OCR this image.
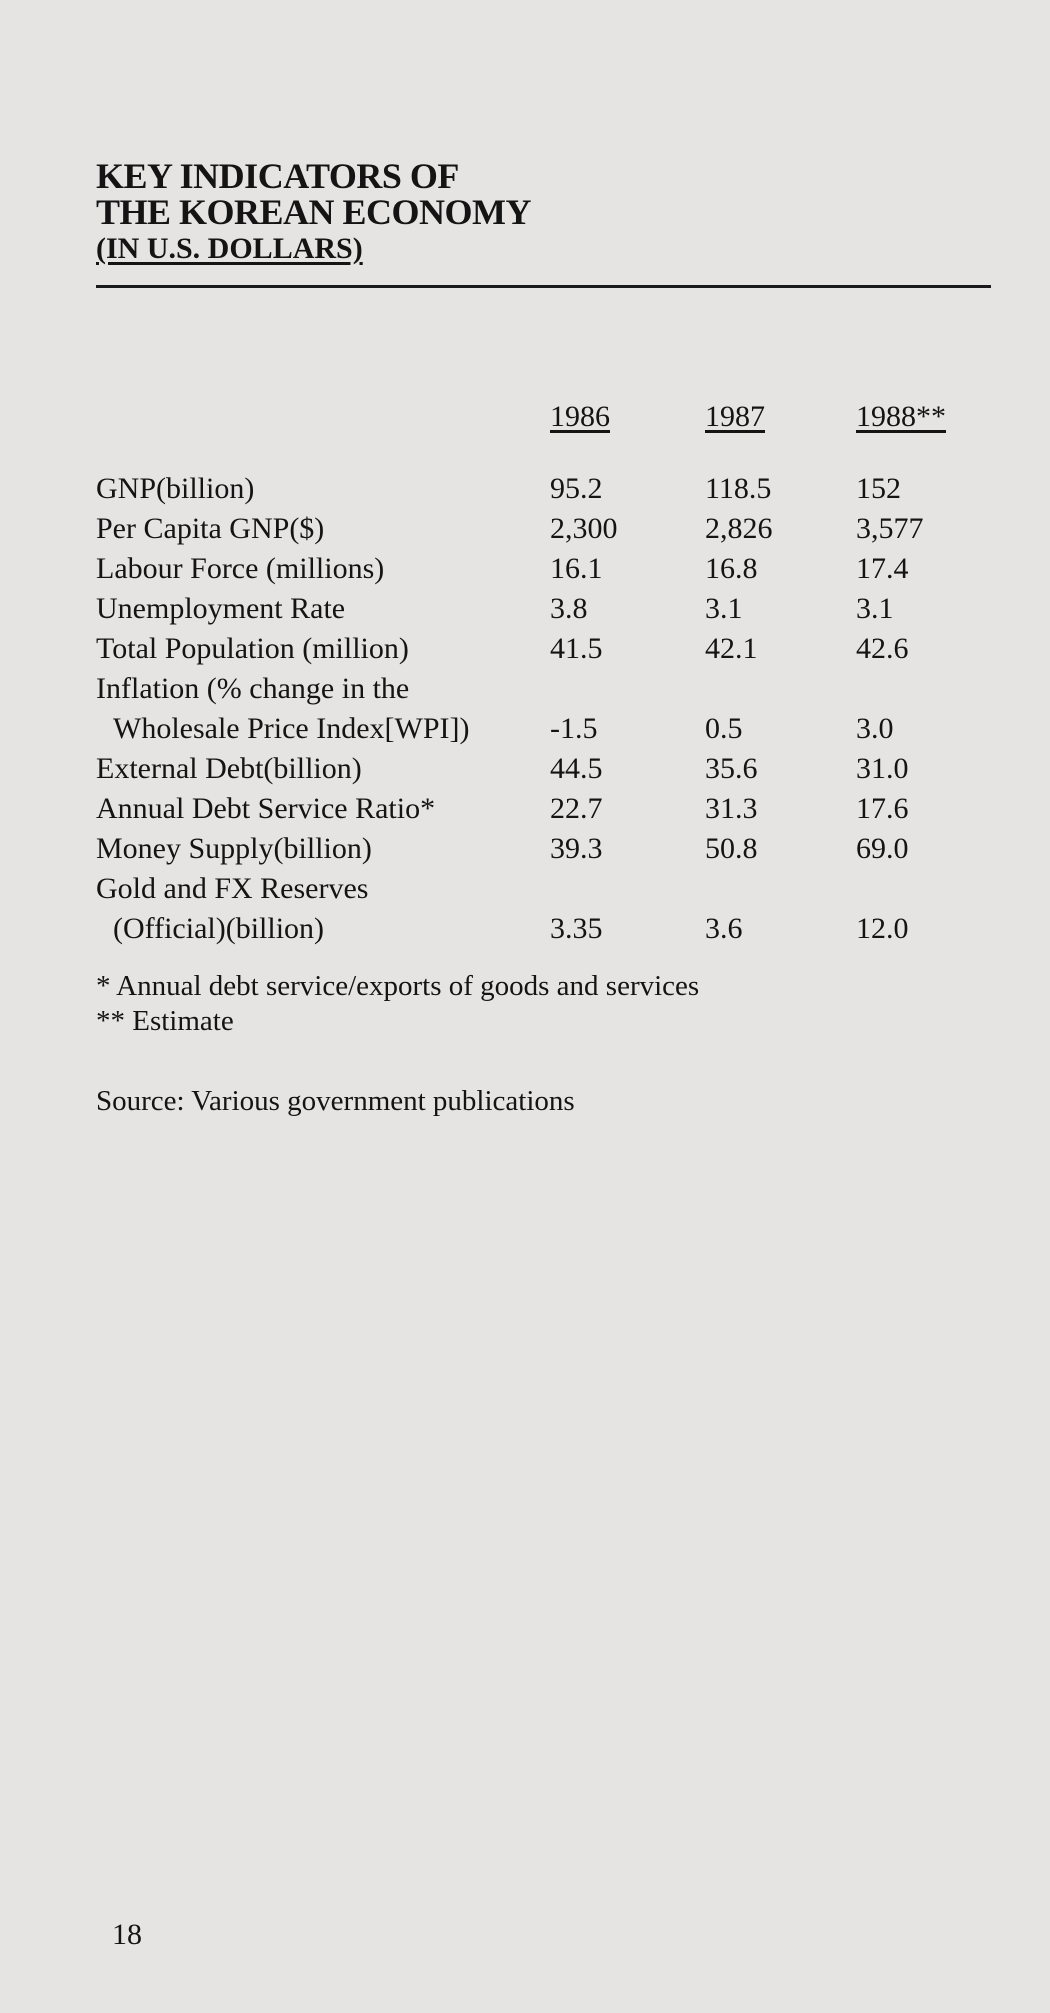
KEY INDICATORS OF

THE KOREAN ECONOMY

(IN U.S. DOLLARS)

1986	1987	1988**
GNP(billion)	95.2	118.5	152
Per Capita GNP($)	2,300	2,826	3,577
Labour Force (millions)	16.1	16.8	17.4
Unemployment Rate	3.8	3.1	3.1
Total Population (million)	41.5	42.1	42.6
Inflation (% change in the
Wholesale Price Index[WPI])	-1.5	0.5	3.0
External Debt(billion)	44.5	35.6	31.0
Annual Debt Service Ratio*	22.7	31.3	17.6
Money Supply(billion)	39.3	50.8	69.0
Gold and FX Reserves
(Official)(billion)	3.35	3.6	12.0
* Annual debt service/exports of goods and services
** Estimate
Source: Various government publications
18
